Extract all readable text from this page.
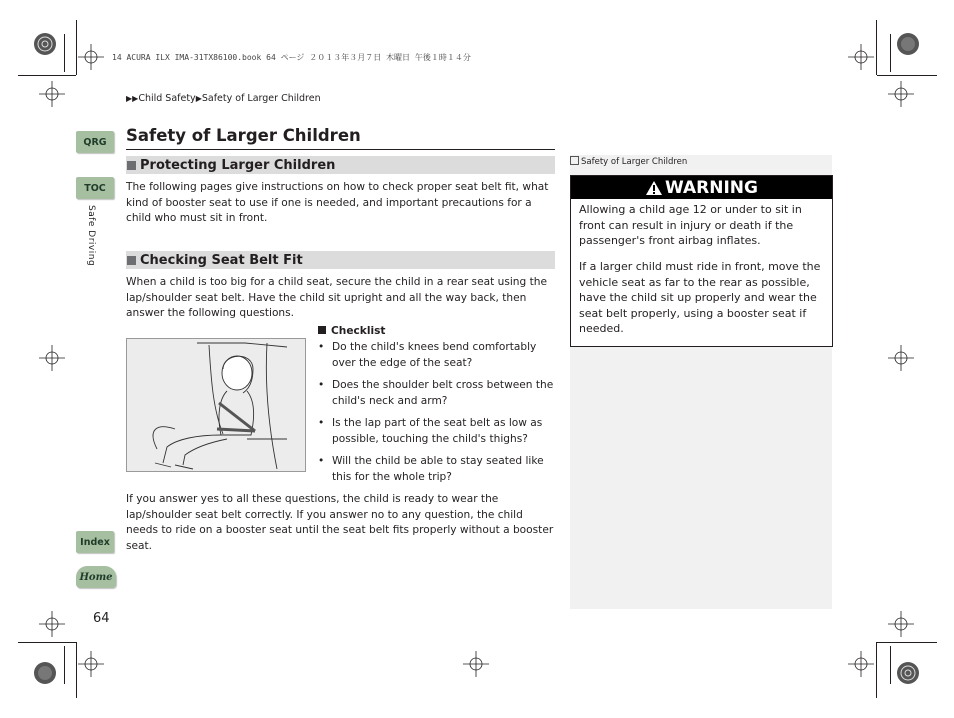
14 ACURA ILX IMA-31TX86100.book 64 ページ ２０１３年３月７日 木曜日 午後１時１４分
▶▶Child Safety▶Safety of Larger Children
QRG
TOC
Safe Driving
Index
Home
64
Safety of Larger Children
Protecting Larger Children
The following pages give instructions on how to check proper seat belt fit, what kind of booster seat to use if one is needed, and important precautions for a child who must sit in front.
Checking Seat Belt Fit
When a child is too big for a child seat, secure the child in a rear seat using the lap/shoulder seat belt. Have the child sit upright and all the way back, then answer the following questions.
Checklist
• Do the child's knees bend comfortably over the edge of the seat?
• Does the shoulder belt cross between the child's neck and arm?
• Is the lap part of the seat belt as low as possible, touching the child's thighs?
• Will the child be able to stay seated like this for the whole trip?
If you answer yes to all these questions, the child is ready to wear the lap/shoulder seat belt correctly. If you answer no to any question, the child needs to ride on a booster seat until the seat belt fits properly without a booster seat.
Safety of Larger Children
WARNING
Allowing a child age 12 or under to sit in front can result in injury or death if the passenger's front airbag inflates.
If a larger child must ride in front, move the vehicle seat as far to the rear as possible, have the child sit up properly and wear the seat belt properly, using a booster seat if needed.
